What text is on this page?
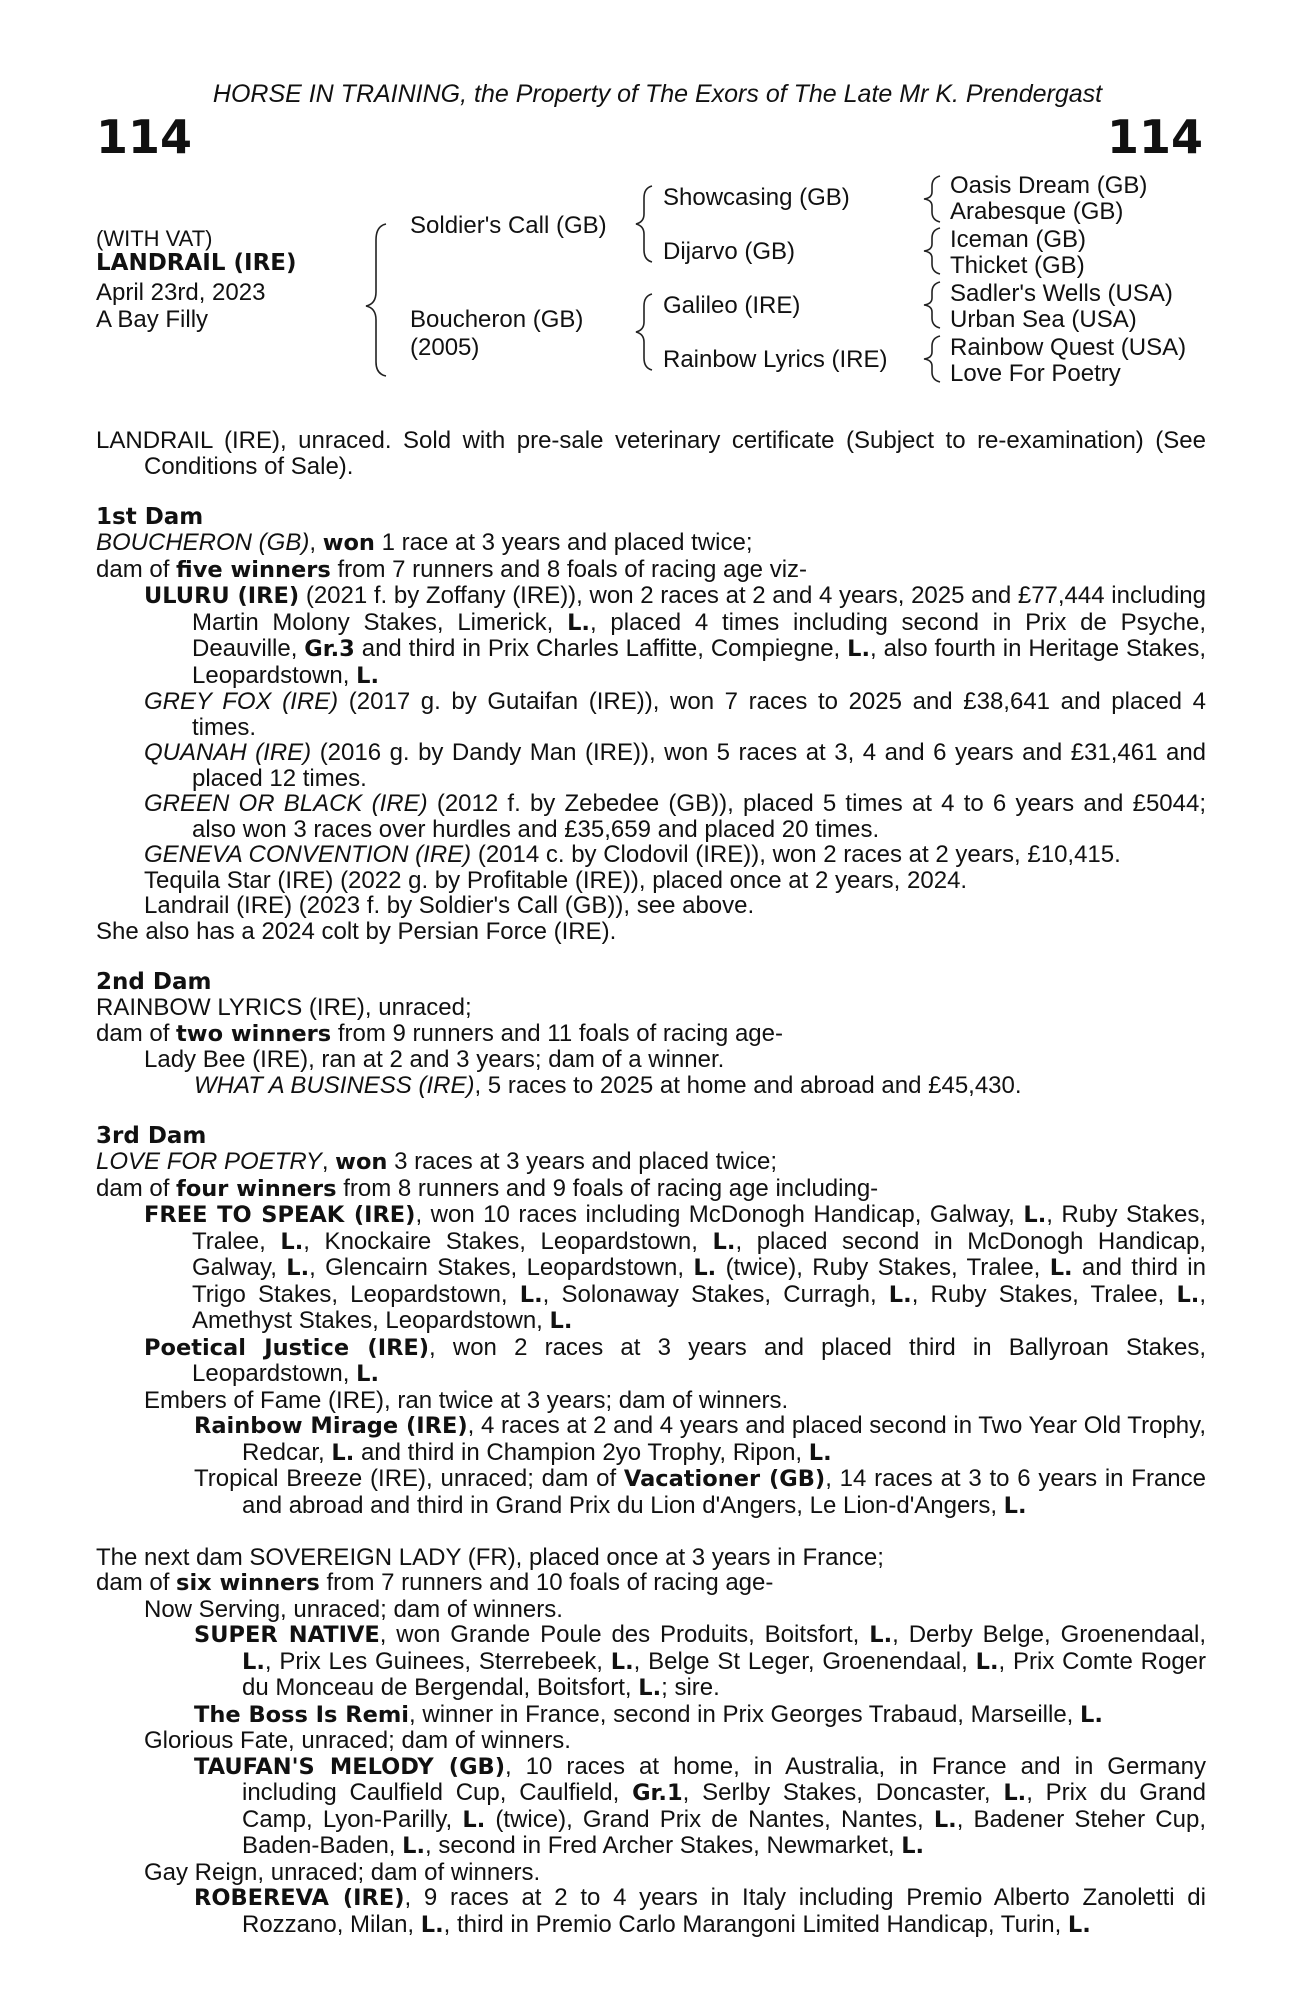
HORSE IN TRAINING, the Property of The Exors of The Late Mr K. Prendergast
114	114
(WITH VAT)
LANDRAIL (IRE)
April 23rd, 2023
A Bay Filly
Soldier's Call (GB)
Boucheron (GB)
(2005)
Showcasing (GB)
Dijarvo (GB)
Galileo (IRE)
Rainbow Lyrics (IRE)
Oasis Dream (GB)
Arabesque (GB)
Iceman (GB)
Thicket (GB)
Sadler's Wells (USA)
Urban Sea (USA)
Rainbow Quest (USA)
Love For Poetry

LANDRAIL (IRE), unraced. Sold with pre-sale veterinary certificate (Subject to re-examination) (See Conditions of Sale).

1st Dam

BOUCHERON (GB), won 1 race at 3 years and placed twice;

dam of five winners from 7 runners and 8 foals of racing age viz-

ULURU (IRE) (2021 f. by Zoffany (IRE)), won 2 races at 2 and 4 years, 2025 and £77,444 including Martin Molony Stakes, Limerick, L., placed 4 times including second in Prix de Psyche, Deauville, Gr.3 and third in Prix Charles Laffitte, Compiegne, L., also fourth in Heritage Stakes, Leopardstown, L.

GREY FOX (IRE) (2017 g. by Gutaifan (IRE)), won 7 races to 2025 and £38,641 and placed 4 times.

QUANAH (IRE) (2016 g. by Dandy Man (IRE)), won 5 races at 3, 4 and 6 years and £31,461 and placed 12 times.

GREEN OR BLACK (IRE) (2012 f. by Zebedee (GB)), placed 5 times at 4 to 6 years and £5044; also won 3 races over hurdles and £35,659 and placed 20 times.

GENEVA CONVENTION (IRE) (2014 c. by Clodovil (IRE)), won 2 races at 2 years, £10,415.

Tequila Star (IRE) (2022 g. by Profitable (IRE)), placed once at 2 years, 2024.

Landrail (IRE) (2023 f. by Soldier's Call (GB)), see above.

She also has a 2024 colt by Persian Force (IRE).

2nd Dam

RAINBOW LYRICS (IRE), unraced;

dam of two winners from 9 runners and 11 foals of racing age-

Lady Bee (IRE), ran at 2 and 3 years; dam of a winner.

WHAT A BUSINESS (IRE), 5 races to 2025 at home and abroad and £45,430.

3rd Dam

LOVE FOR POETRY, won 3 races at 3 years and placed twice;

dam of four winners from 8 runners and 9 foals of racing age including-

FREE TO SPEAK (IRE), won 10 races including McDonogh Handicap, Galway, L., Ruby Stakes, Tralee, L., Knockaire Stakes, Leopardstown, L., placed second in McDonogh Handicap, Galway, L., Glencairn Stakes, Leopardstown, L. (twice), Ruby Stakes, Tralee, L. and third in Trigo Stakes, Leopardstown, L., Solonaway Stakes, Curragh, L., Ruby Stakes, Tralee, L., Amethyst Stakes, Leopardstown, L.

Poetical Justice (IRE), won 2 races at 3 years and placed third in Ballyroan Stakes, Leopardstown, L.

Embers of Fame (IRE), ran twice at 3 years; dam of winners.

Rainbow Mirage (IRE), 4 races at 2 and 4 years and placed second in Two Year Old Trophy, Redcar, L. and third in Champion 2yo Trophy, Ripon, L.

Tropical Breeze (IRE), unraced; dam of Vacationer (GB), 14 races at 3 to 6 years in France and abroad and third in Grand Prix du Lion d'Angers, Le Lion-d'Angers, L.

The next dam SOVEREIGN LADY (FR), placed once at 3 years in France;

dam of six winners from 7 runners and 10 foals of racing age-

Now Serving, unraced; dam of winners.

SUPER NATIVE, won Grande Poule des Produits, Boitsfort, L., Derby Belge, Groenendaal, L., Prix Les Guinees, Sterrebeek, L., Belge St Leger, Groenendaal, L., Prix Comte Roger du Monceau de Bergendal, Boitsfort, L.; sire.

The Boss Is Remi, winner in France, second in Prix Georges Trabaud, Marseille, L.

Glorious Fate, unraced; dam of winners.

TAUFAN'S MELODY (GB), 10 races at home, in Australia, in France and in Germany including Caulfield Cup, Caulfield, Gr.1, Serlby Stakes, Doncaster, L., Prix du Grand Camp, Lyon-Parilly, L. (twice), Grand Prix de Nantes, Nantes, L., Badener Steher Cup, Baden-Baden, L., second in Fred Archer Stakes, Newmarket, L.

Gay Reign, unraced; dam of winners.

ROBEREVA (IRE), 9 races at 2 to 4 years in Italy including Premio Alberto Zanoletti di Rozzano, Milan, L., third in Premio Carlo Marangoni Limited Handicap, Turin, L.
